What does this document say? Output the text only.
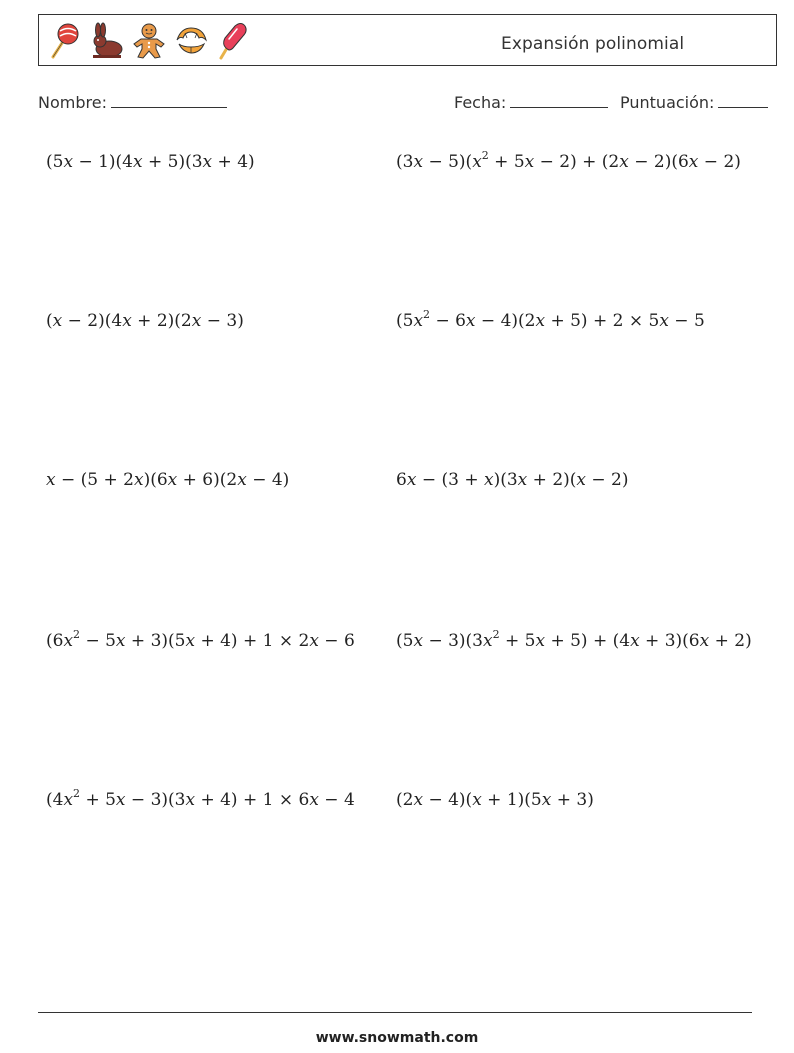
Expansión polinomial
Nombre:	Fecha:	Puntuación:
(5x − 1)(4x + 5)(3x + 4)	$(3x - 5)(x^2 + 5x - 2) + (2x - 2)(6x - 2)$
(x − 2)(4x + 2)(2x − 3)	$(5x^2 - 6x - 4)(2x + 5) + 2 \times 5x - 5$
x − (5 + 2x)(6x + 6)(2x − 4)	6x − (3 + x)(3x + 2)(x − 2)
$(6x^2 - 5x + 3)(5x + 4) + 1 \times 2x - 6$ $(5x - 3)(3x^2 + 5x + 5) + (4x + 3)(6x + 2)$
$(4x^2 + 5x - 3)(3x + 4) + 1 \times 6x - 4$ (2x − 4)(x + 1)(5x + 3)
www.snowmath.com
